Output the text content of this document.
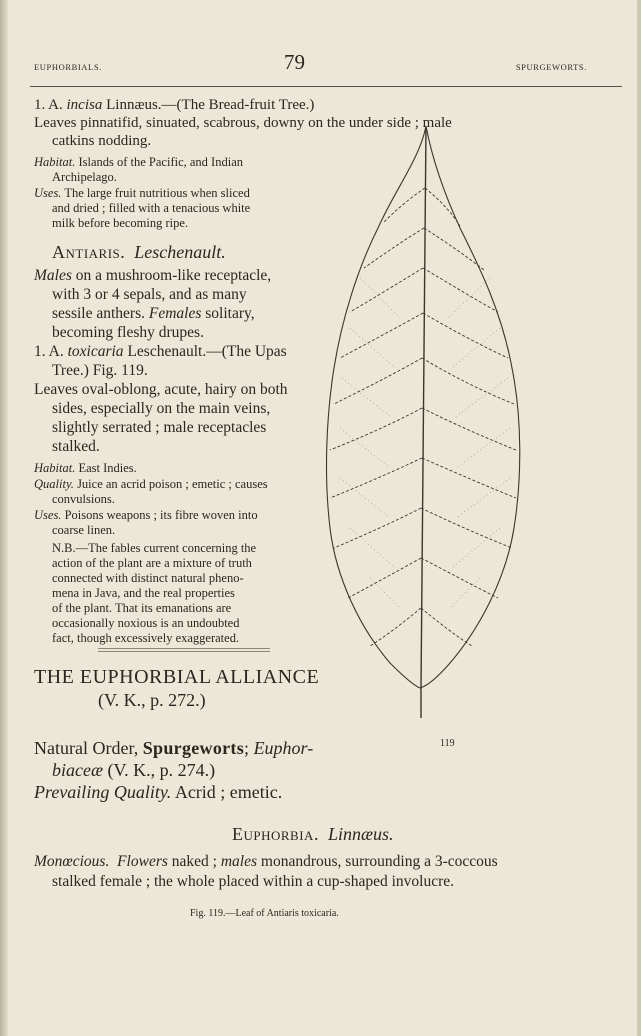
EUPHORBIALS.	79	SPURGEWORTS.
1. A. incisa Linnæus.—(The Bread-fruit Tree.)
Leaves pinnatifid, sinuated, scabrous, downy on the under side ; male
catkins nodding.
Habitat. Islands of the Pacific, and Indian
Archipelago.
Uses. The large fruit nutritious when sliced
and dried ; filled with a tenacious white
milk before becoming ripe.
Antiaris. Leschenault.
Males on a mushroom-like receptacle,
with 3 or 4 sepals, and as many
sessile anthers. Females solitary,
becoming fleshy drupes.
1. A. toxicaria Leschenault.—(The Upas
Tree.) Fig. 119.
Leaves oval-oblong, acute, hairy on both
sides, especially on the main veins,
slightly serrated ; male receptacles
stalked.
Habitat. East Indies.
Quality. Juice an acrid poison ; emetic ; causes
convulsions.
Uses. Poisons weapons ; its fibre woven into
coarse linen.
N.B.—The fables current concerning the
action of the plant are a mixture of truth
connected with distinct natural pheno-
mena in Java, and the real properties
of the plant. That its emanations are
occasionally noxious is an undoubted
fact, though excessively exaggerated.
THE EUPHORBIAL ALLIANCE
(V. K., p. 272.)
Natural Order, Spurgeworts; Euphor-
biaceæ (V. K., p. 274.)
Prevailing Quality. Acrid ; emetic.
Euphorbia. Linnæus.
Monœcious. Flowers naked ; males monandrous, surrounding a 3-coccous
stalked female ; the whole placed within a cup-shaped involucre.
119
Fig. 119.—Leaf of Antiaris toxicaria.
